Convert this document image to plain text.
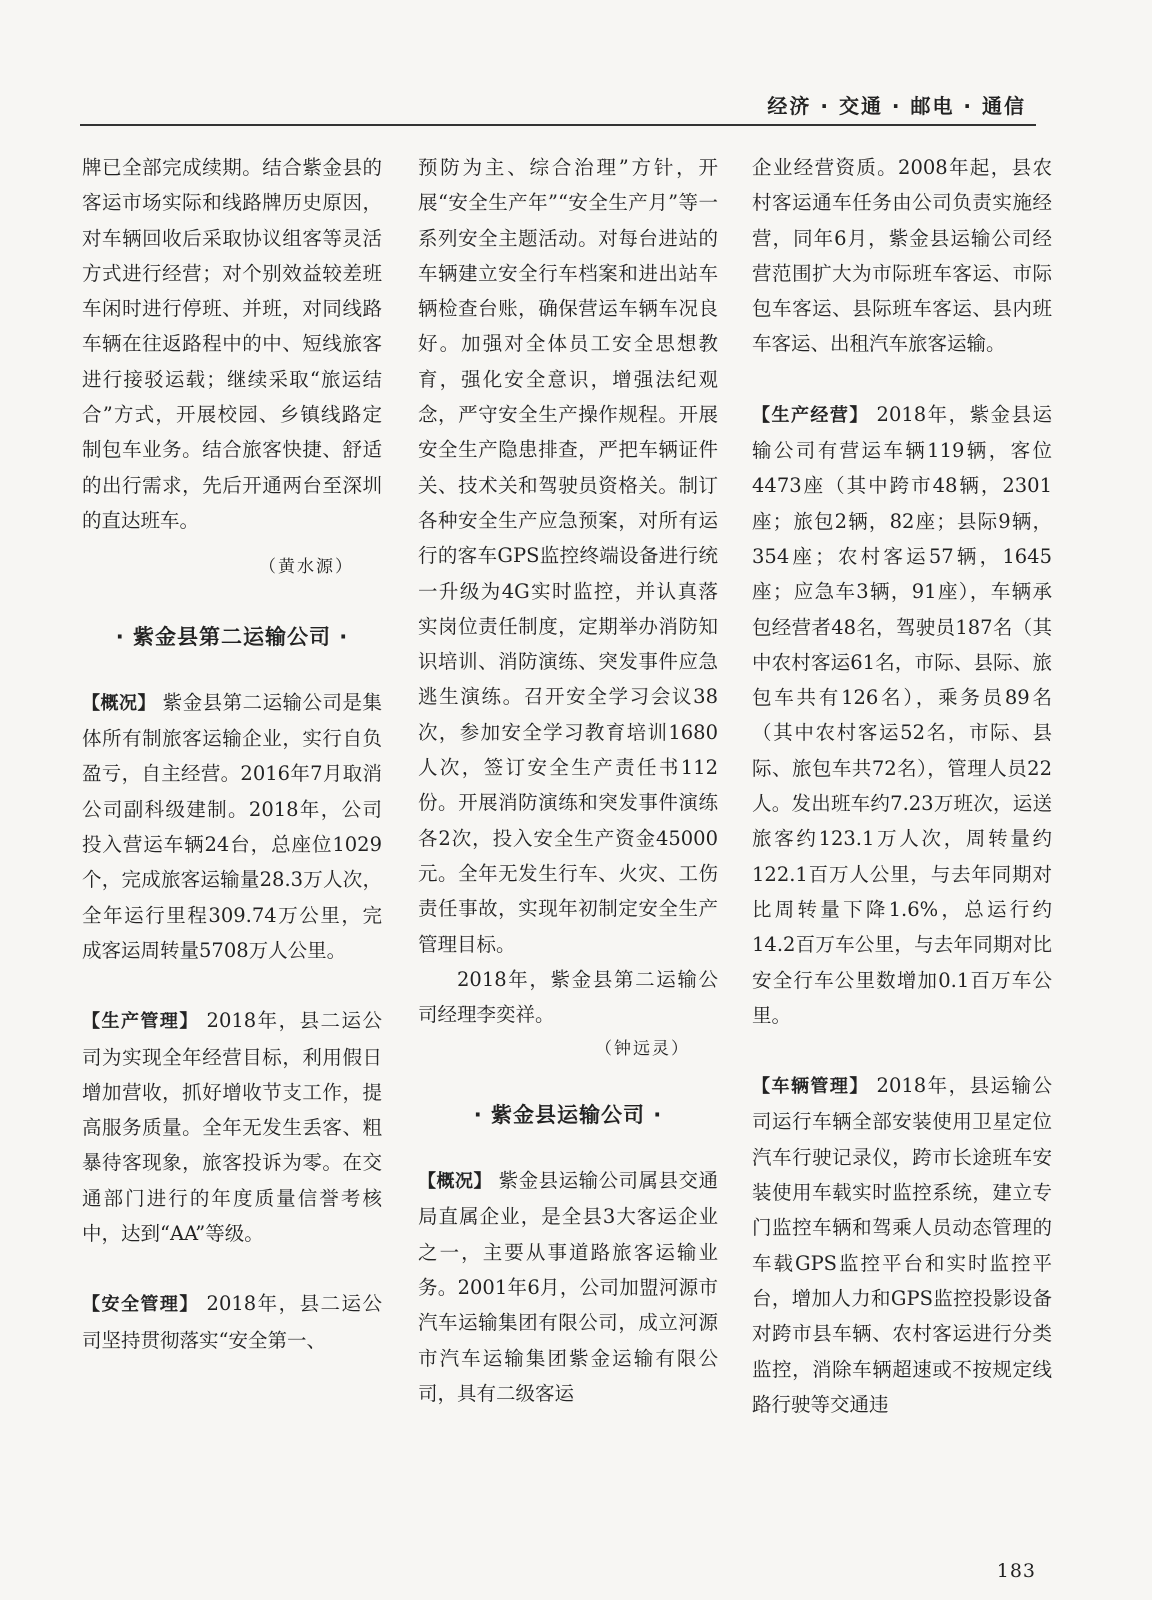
经济 · 交通 · 邮电 · 通信

牌已全部完成续期。结合紫金县的客运市场实际和线路牌历史原因，对车辆回收后采取协议组客等灵活方式进行经营；对个别效益较差班车闲时进行停班、并班，对同线路车辆在往返路程中的中、短线旅客进行接驳运载；继续采取“旅运结合”方式，开展校园、乡镇线路定制包车业务。结合旅客快捷、舒适的出行需求，先后开通两台至深圳的直达班车。

（黄水源）

· 紫金县第二运输公司 ·

【概况】 紫金县第二运输公司是集体所有制旅客运输企业，实行自负盈亏，自主经营。2016年7月取消公司副科级建制。2018年，公司投入营运车辆24台，总座位1029个，完成旅客运输量28.3万人次，全年运行里程309.74万公里，完成客运周转量5708万人公里。

【生产管理】 2018年，县二运公司为实现全年经营目标，利用假日增加营收，抓好增收节支工作，提高服务质量。全年无发生丢客、粗暴待客现象，旅客投诉为零。在交通部门进行的年度质量信誉考核中，达到“AA”等级。

【安全管理】 2018年，县二运公司坚持贯彻落实“安全第一、

预防为主、综合治理”方针，开展“安全生产年”“安全生产月”等一系列安全主题活动。对每台进站的车辆建立安全行车档案和进出站车辆检查台账，确保营运车辆车况良好。加强对全体员工安全思想教育，强化安全意识，增强法纪观念，严守安全生产操作规程。开展安全生产隐患排查，严把车辆证件关、技术关和驾驶员资格关。制订各种安全生产应急预案，对所有运行的客车GPS监控终端设备进行统一升级为4G实时监控，并认真落实岗位责任制度，定期举办消防知识培训、消防演练、突发事件应急逃生演练。召开安全学习会议38次，参加安全学习教育培训1680人次，签订安全生产责任书112份。开展消防演练和突发事件演练各2次，投入安全生产资金45000元。全年无发生行车、火灾、工伤责任事故，实现年初制定安全生产管理目标。

2018年，紫金县第二运输公司经理李奕祥。

（钟远灵）

· 紫金县运输公司 ·

【概况】 紫金县运输公司属县交通局直属企业，是全县3大客运企业之一，主要从事道路旅客运输业务。2001年6月，公司加盟河源市汽车运输集团有限公司，成立河源市汽车运输集团紫金运输有限公司，具有二级客运

企业经营资质。2008年起，县农村客运通车任务由公司负责实施经营，同年6月，紫金县运输公司经营范围扩大为市际班车客运、市际包车客运、县际班车客运、县内班车客运、出租汽车旅客运输。

【生产经营】 2018年，紫金县运输公司有营运车辆119辆，客位4473座（其中跨市48辆，2301座；旅包2辆，82座；县际9辆，354座；农村客运57辆，1645座；应急车3辆，91座），车辆承包经营者48名，驾驶员187名（其中农村客运61名，市际、县际、旅包车共有126名），乘务员89名（其中农村客运52名，市际、县际、旅包车共72名），管理人员22人。发出班车约7.23万班次，运送旅客约123.1万人次，周转量约122.1百万人公里，与去年同期对比周转量下降1.6%，总运行约14.2百万车公里，与去年同期对比安全行车公里数增加0.1百万车公里。

【车辆管理】 2018年，县运输公司运行车辆全部安装使用卫星定位汽车行驶记录仪，跨市长途班车安装使用车载实时监控系统，建立专门监控车辆和驾乘人员动态管理的车载GPS监控平台和实时监控平台，增加人力和GPS监控投影设备对跨市县车辆、农村客运进行分类监控，消除车辆超速或不按规定线路行驶等交通违

183
